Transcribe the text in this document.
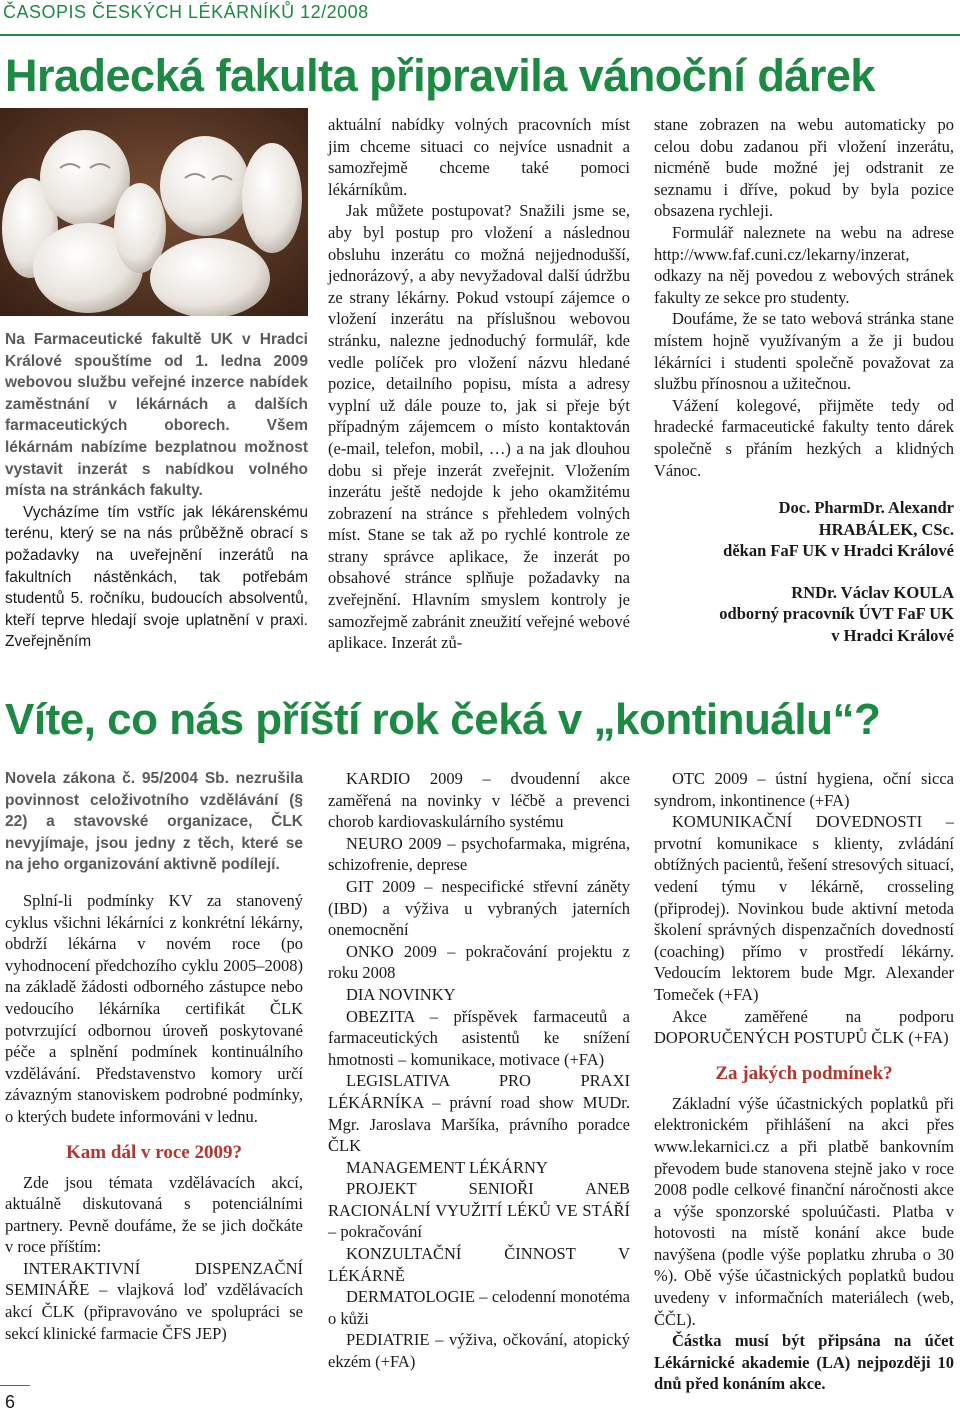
ČASOPIS ČESKÝCH LÉKÁRNÍKŮ 12/2008
Hradecká fakulta připravila vánoční dárek

Na Farmaceutické fakultě UK v Hradci Králové spouštíme od 1. ledna 2009 webovou službu veřejné inzerce nabídek zaměstnání v lékárnách a dalších farmaceutických oborech. Všem lékárnám nabízíme bezplatnou možnost vystavit inzerát s nabídkou volného místa na stránkách fakulty.

Vycházíme tím vstříc jak lékárenskému terénu, který se na nás průběžně obrací s požadavky na uveřejnění inzerátů na fakultních nástěnkách, tak potřebám studentů 5. ročníku, budoucích absolventů, kteří teprve hledají svoje uplatnění v praxi. Zveřejněním

aktuální nabídky volných pracovních míst jim chceme situaci co nejvíce usnadnit a samozřejmě chceme také pomoci lékárníkům.

Jak můžete postupovat? Snažili jsme se, aby byl postup pro vložení a následnou obsluhu inzerátu co možná nejjednodušší, jednorázový, a aby nevyžadoval další údržbu ze strany lékárny. Pokud vstoupí zájemce o vložení inzerátu na příslušnou webovou stránku, nalezne jednoduchý formulář, kde vedle políček pro vložení názvu hledané pozice, detailního popisu, místa a adresy vyplní už dále pouze to, jak si přeje být případným zájemcem o místo kontaktován (e-mail, telefon, mobil, …) a na jak dlouhou dobu si přeje inzerát zveřejnit. Vložením inzerátu ještě nedojde k jeho okamžitému zobrazení na stránce s přehledem volných míst. Stane se tak až po rychlé kontrole ze strany správce aplikace, že inzerát po obsahové stránce splňuje požadavky na zveřejnění. Hlavním smyslem kontroly je samozřejmě zabránit zneužití veřejné webové aplikace. Inzerát zů-

stane zobrazen na webu automaticky po celou dobu zadanou při vložení inzerátu, nicméně bude možné jej odstranit ze seznamu i dříve, pokud by byla pozice obsazena rychleji.

Formulář naleznete na webu na adrese http://www.faf.cuni.cz/lekarny/inzerat, odkazy na něj povedou z webových stránek fakulty ze sekce pro studenty.

Doufáme, že se tato webová stránka stane místem hojně využívaným a že ji budou lékárníci i studenti společně považovat za službu přínosnou a užitečnou.

Vážení kolegové, přijměte tedy od hradecké farmaceutické fakulty tento dárek společně s přáním hezkých a klidných Vánoc.

Doc. PharmDr. Alexandr
HRABÁLEK, CSc.
děkan FaF UK v Hradci Králové
RNDr. Václav KOULA
odborný pracovník ÚVT FaF UK
v Hradci Králové
Víte, co nás příští rok čeká v „kontinuálu“?

Novela zákona č. 95/2004 Sb. nezrušila povinnost celoživotního vzdělávání (§ 22) a stavovské organizace, ČLK nevyjímaje, jsou jedny z těch, které se na jeho organizování aktivně podílejí.

Splní-li podmínky KV za stanovený cyklus všichni lékárníci z konkrétní lékárny, obdrží lékárna v novém roce (po vyhodnocení předchozího cyklu 2005–2008) na základě žádosti odborného zástupce nebo vedoucího lékárníka certifikát ČLK potvrzující odbornou úroveň poskytované péče a splnění podmínek kontinuálního vzdělávání. Představenstvo komory určí závazným stanoviskem podrobné podmínky, o kterých budete informováni v lednu.

Kam dál v roce 2009?

Zde jsou témata vzdělávacích akcí, aktuálně diskutovaná s potenciálními partnery. Pevně doufáme, že se jich dočkáte v roce příštím:

INTERAKTIVNÍ DISPENZAČNÍ SEMINÁŘE – vlajková loď vzdělávacích akcí ČLK (připravováno ve spolupráci se sekcí klinické farmacie ČFS JEP)

KARDIO 2009 – dvoudenní akce zaměřená na novinky v léčbě a prevenci chorob kardiovaskulárního systému

NEURO 2009 – psychofarmaka, migréna, schizofrenie, deprese

GIT 2009 – nespecifické střevní záněty (IBD) a výživa u vybraných jaterních onemocnění

ONKO 2009 – pokračování projektu z roku 2008

DIA NOVINKY

OBEZITA – příspěvek farmaceutů a farmaceutických asistentů ke snížení hmotnosti – komunikace, motivace (+FA)

LEGISLATIVA PRO PRAXI LÉKÁRNÍKA – právní road show MUDr. Mgr. Jaroslava Maršíka, právního poradce ČLK

MANAGEMENT LÉKÁRNY

PROJEKT SENIOŘI ANEB RACIONÁLNÍ VYUŽITÍ LÉKŮ VE STÁŘÍ – pokračování

KONZULTAČNÍ ČINNOST V LÉKÁRNĚ

DERMATOLOGIE – celodenní monotéma o kůži

PEDIATRIE – výživa, očkování, atopický ekzém (+FA)

OTC 2009 – ústní hygiena, oční sicca syndrom, inkontinence (+FA)

KOMUNIKAČNÍ DOVEDNOSTI – prvotní komunikace s klienty, zvládání obtížných pacientů, řešení stresových situací, vedení týmu v lékárně, crosseling (připrodej). Novinkou bude aktivní metoda školení správných dispenzačních dovedností (coaching) přímo v prostředí lékárny. Vedoucím lektorem bude Mgr. Alexander Tomeček (+FA)

Akce zaměřené na podporu DOPORUČENÝCH POSTUPŮ ČLK (+FA)

Za jakých podmínek?

Základní výše účastnických poplatků při elektronickém přihlášení na akci přes www.lekarnici.cz a při platbě bankovním převodem bude stanovena stejně jako v roce 2008 podle celkové finanční náročnosti akce a výše sponzorské spoluúčasti. Platba v hotovosti na místě konání akce bude navýšena (podle výše poplatku zhruba o 30 %). Obě výše účastnických poplatků budou uvedeny v informačních materiálech (web, ČČL).

Částka musí být připsána na účet Lékárnické akademie (LA) nejpozději 10 dnů před konáním akce.

6
